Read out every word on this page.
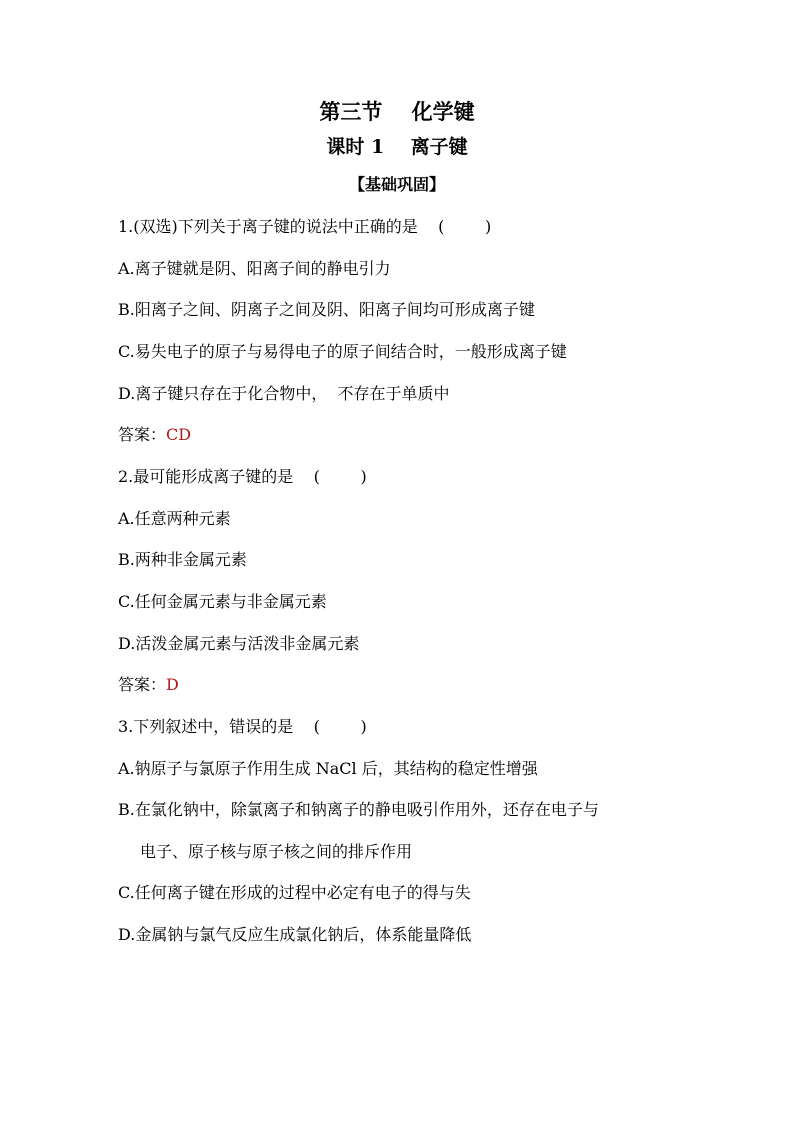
第三节    化学键
课时 1    离子键
【基础巩固】
1.(双选)下列关于离子键的说法中正确的是    (        )
A.离子键就是阴、阳离子间的静电引力
B.阳离子之间、阴离子之间及阴、阳离子间均可形成离子键
C.易失电子的原子与易得电子的原子间结合时，一般形成离子键
D.离子键只存在于化合物中，  不存在于单质中
答案：CD
2.最可能形成离子键的是    (        )
A.任意两种元素
B.两种非金属元素
C.任何金属元素与非金属元素
D.活泼金属元素与活泼非金属元素
答案：D
3.下列叙述中，错误的是    (        )
A.钠原子与氯原子作用生成 NaCl 后，其结构的稳定性增强
B.在氯化钠中，除氯离子和钠离子的静电吸引作用外，还存在电子与
电子、原子核与原子核之间的排斥作用
C.任何离子键在形成的过程中必定有电子的得与失
D.金属钠与氯气反应生成氯化钠后，体系能量降低
